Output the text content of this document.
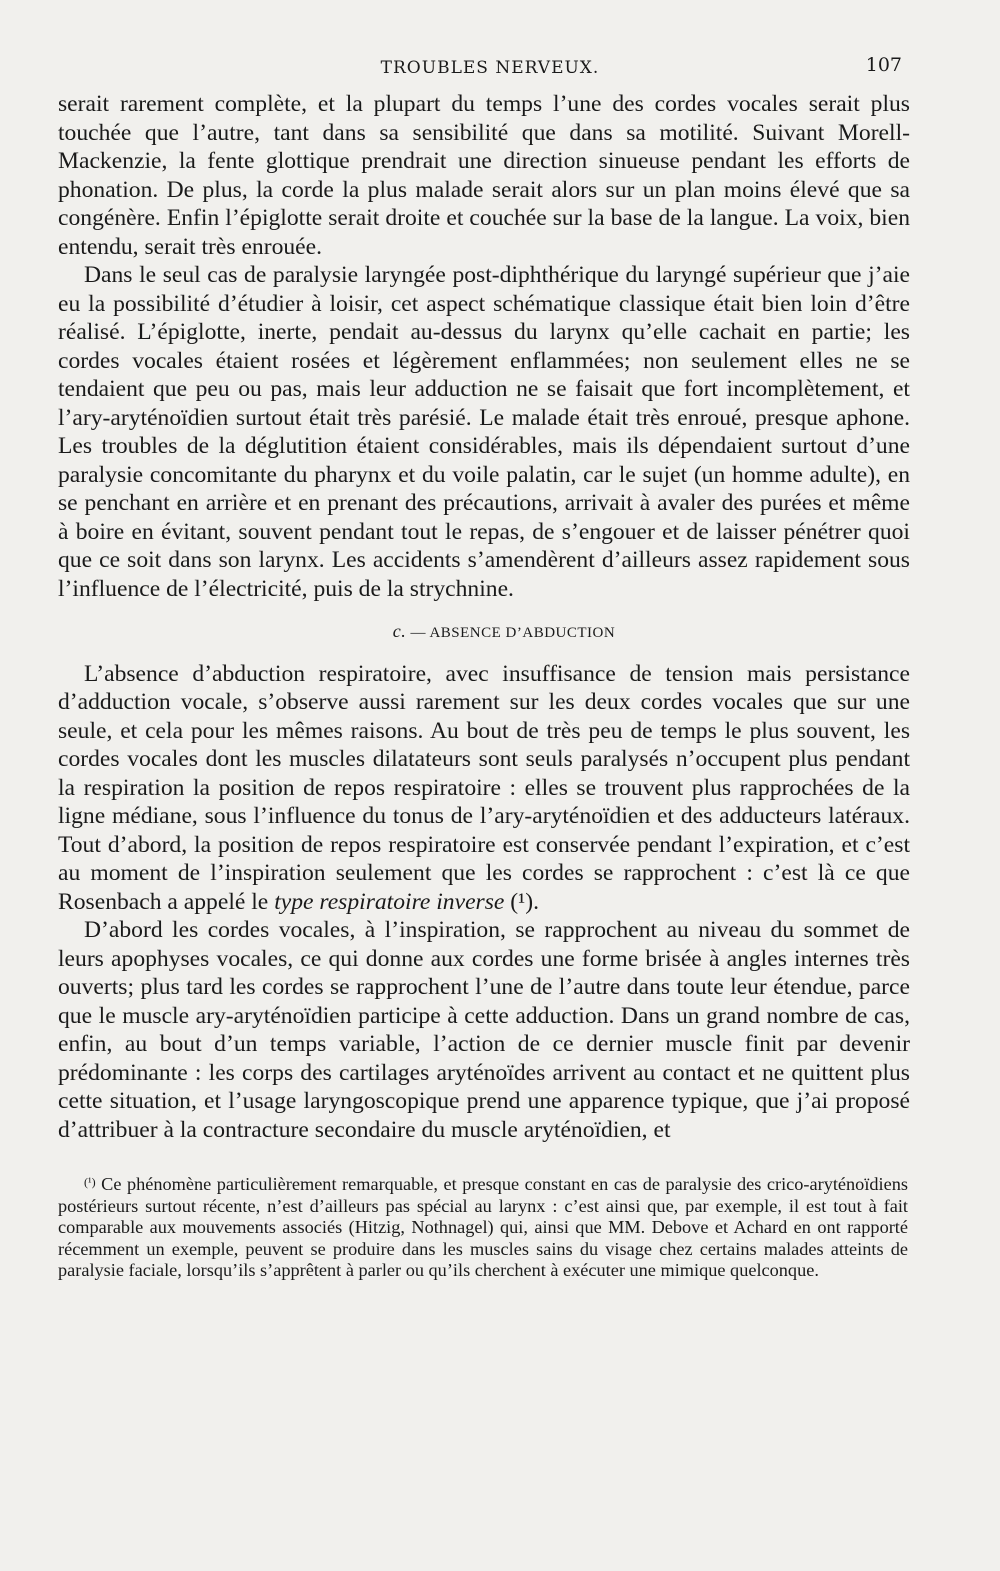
TROUBLES NERVEUX.	107

serait rarement complète, et la plupart du temps l’une des cordes vocales serait plus touchée que l’autre, tant dans sa sensibilité que dans sa motilité. Suivant Morell-Mackenzie, la fente glottique prendrait une direction sinueuse pendant les efforts de phonation. De plus, la corde la plus malade serait alors sur un plan moins élevé que sa congénère. Enfin l’épiglotte serait droite et couchée sur la base de la langue. La voix, bien entendu, serait très enrouée.

Dans le seul cas de paralysie laryngée post-diphthérique du laryngé supérieur que j’aie eu la possibilité d’étudier à loisir, cet aspect schématique classique était bien loin d’être réalisé. L’épiglotte, inerte, pendait au-dessus du larynx qu’elle cachait en partie; les cordes vocales étaient rosées et légèrement enflammées; non seulement elles ne se tendaient que peu ou pas, mais leur adduction ne se faisait que fort incomplètement, et l’ary-aryténoïdien surtout était très parésié. Le malade était très enroué, presque aphone. Les troubles de la déglutition étaient considérables, mais ils dépendaient surtout d’une paralysie concomitante du pharynx et du voile palatin, car le sujet (un homme adulte), en se penchant en arrière et en prenant des précautions, arrivait à avaler des purées et même à boire en évitant, souvent pendant tout le repas, de s’engouer et de laisser pénétrer quoi que ce soit dans son larynx. Les accidents s’amendèrent d’ailleurs assez rapidement sous l’influence de l’électricité, puis de la strychnine.

c. — ABSENCE D’ABDUCTION

L’absence d’abduction respiratoire, avec insuffisance de tension mais persistance d’adduction vocale, s’observe aussi rarement sur les deux cordes vocales que sur une seule, et cela pour les mêmes raisons. Au bout de très peu de temps le plus souvent, les cordes vocales dont les muscles dilatateurs sont seuls paralysés n’occupent plus pendant la respiration la position de repos respiratoire : elles se trouvent plus rapprochées de la ligne médiane, sous l’influence du tonus de l’ary-aryténoïdien et des adducteurs latéraux. Tout d’abord, la position de repos respiratoire est conservée pendant l’expiration, et c’est au moment de l’inspiration seulement que les cordes se rapprochent : c’est là ce que Rosenbach a appelé le type respiratoire inverse (¹).

D’abord les cordes vocales, à l’inspiration, se rapprochent au niveau du sommet de leurs apophyses vocales, ce qui donne aux cordes une forme brisée à angles internes très ouverts; plus tard les cordes se rapprochent l’une de l’autre dans toute leur étendue, parce que le muscle ary-aryténoïdien participe à cette adduction. Dans un grand nombre de cas, enfin, au bout d’un temps variable, l’action de ce dernier muscle finit par devenir prédominante : les corps des cartilages aryténoïdes arrivent au contact et ne quittent plus cette situation, et l’usage laryngoscopique prend une apparence typique, que j’ai proposé d’attribuer à la contracture secondaire du muscle aryténoïdien, et

$^{(^1)}$ Ce phénomène particulièrement remarquable, et presque constant en cas de paralysie des crico-aryténoïdiens postérieurs surtout récente, n’est d’ailleurs pas spécial au larynx : c’est ainsi que, par exemple, il est tout à fait comparable aux mouvements associés (Hitzig, Nothnagel) qui, ainsi que MM. Debove et Achard en ont rapporté récemment un exemple, peuvent se produire dans les muscles sains du visage chez certains malades atteints de paralysie faciale, lorsqu’ils s’apprêtent à parler ou qu’ils cherchent à exécuter une mimique quelconque.
